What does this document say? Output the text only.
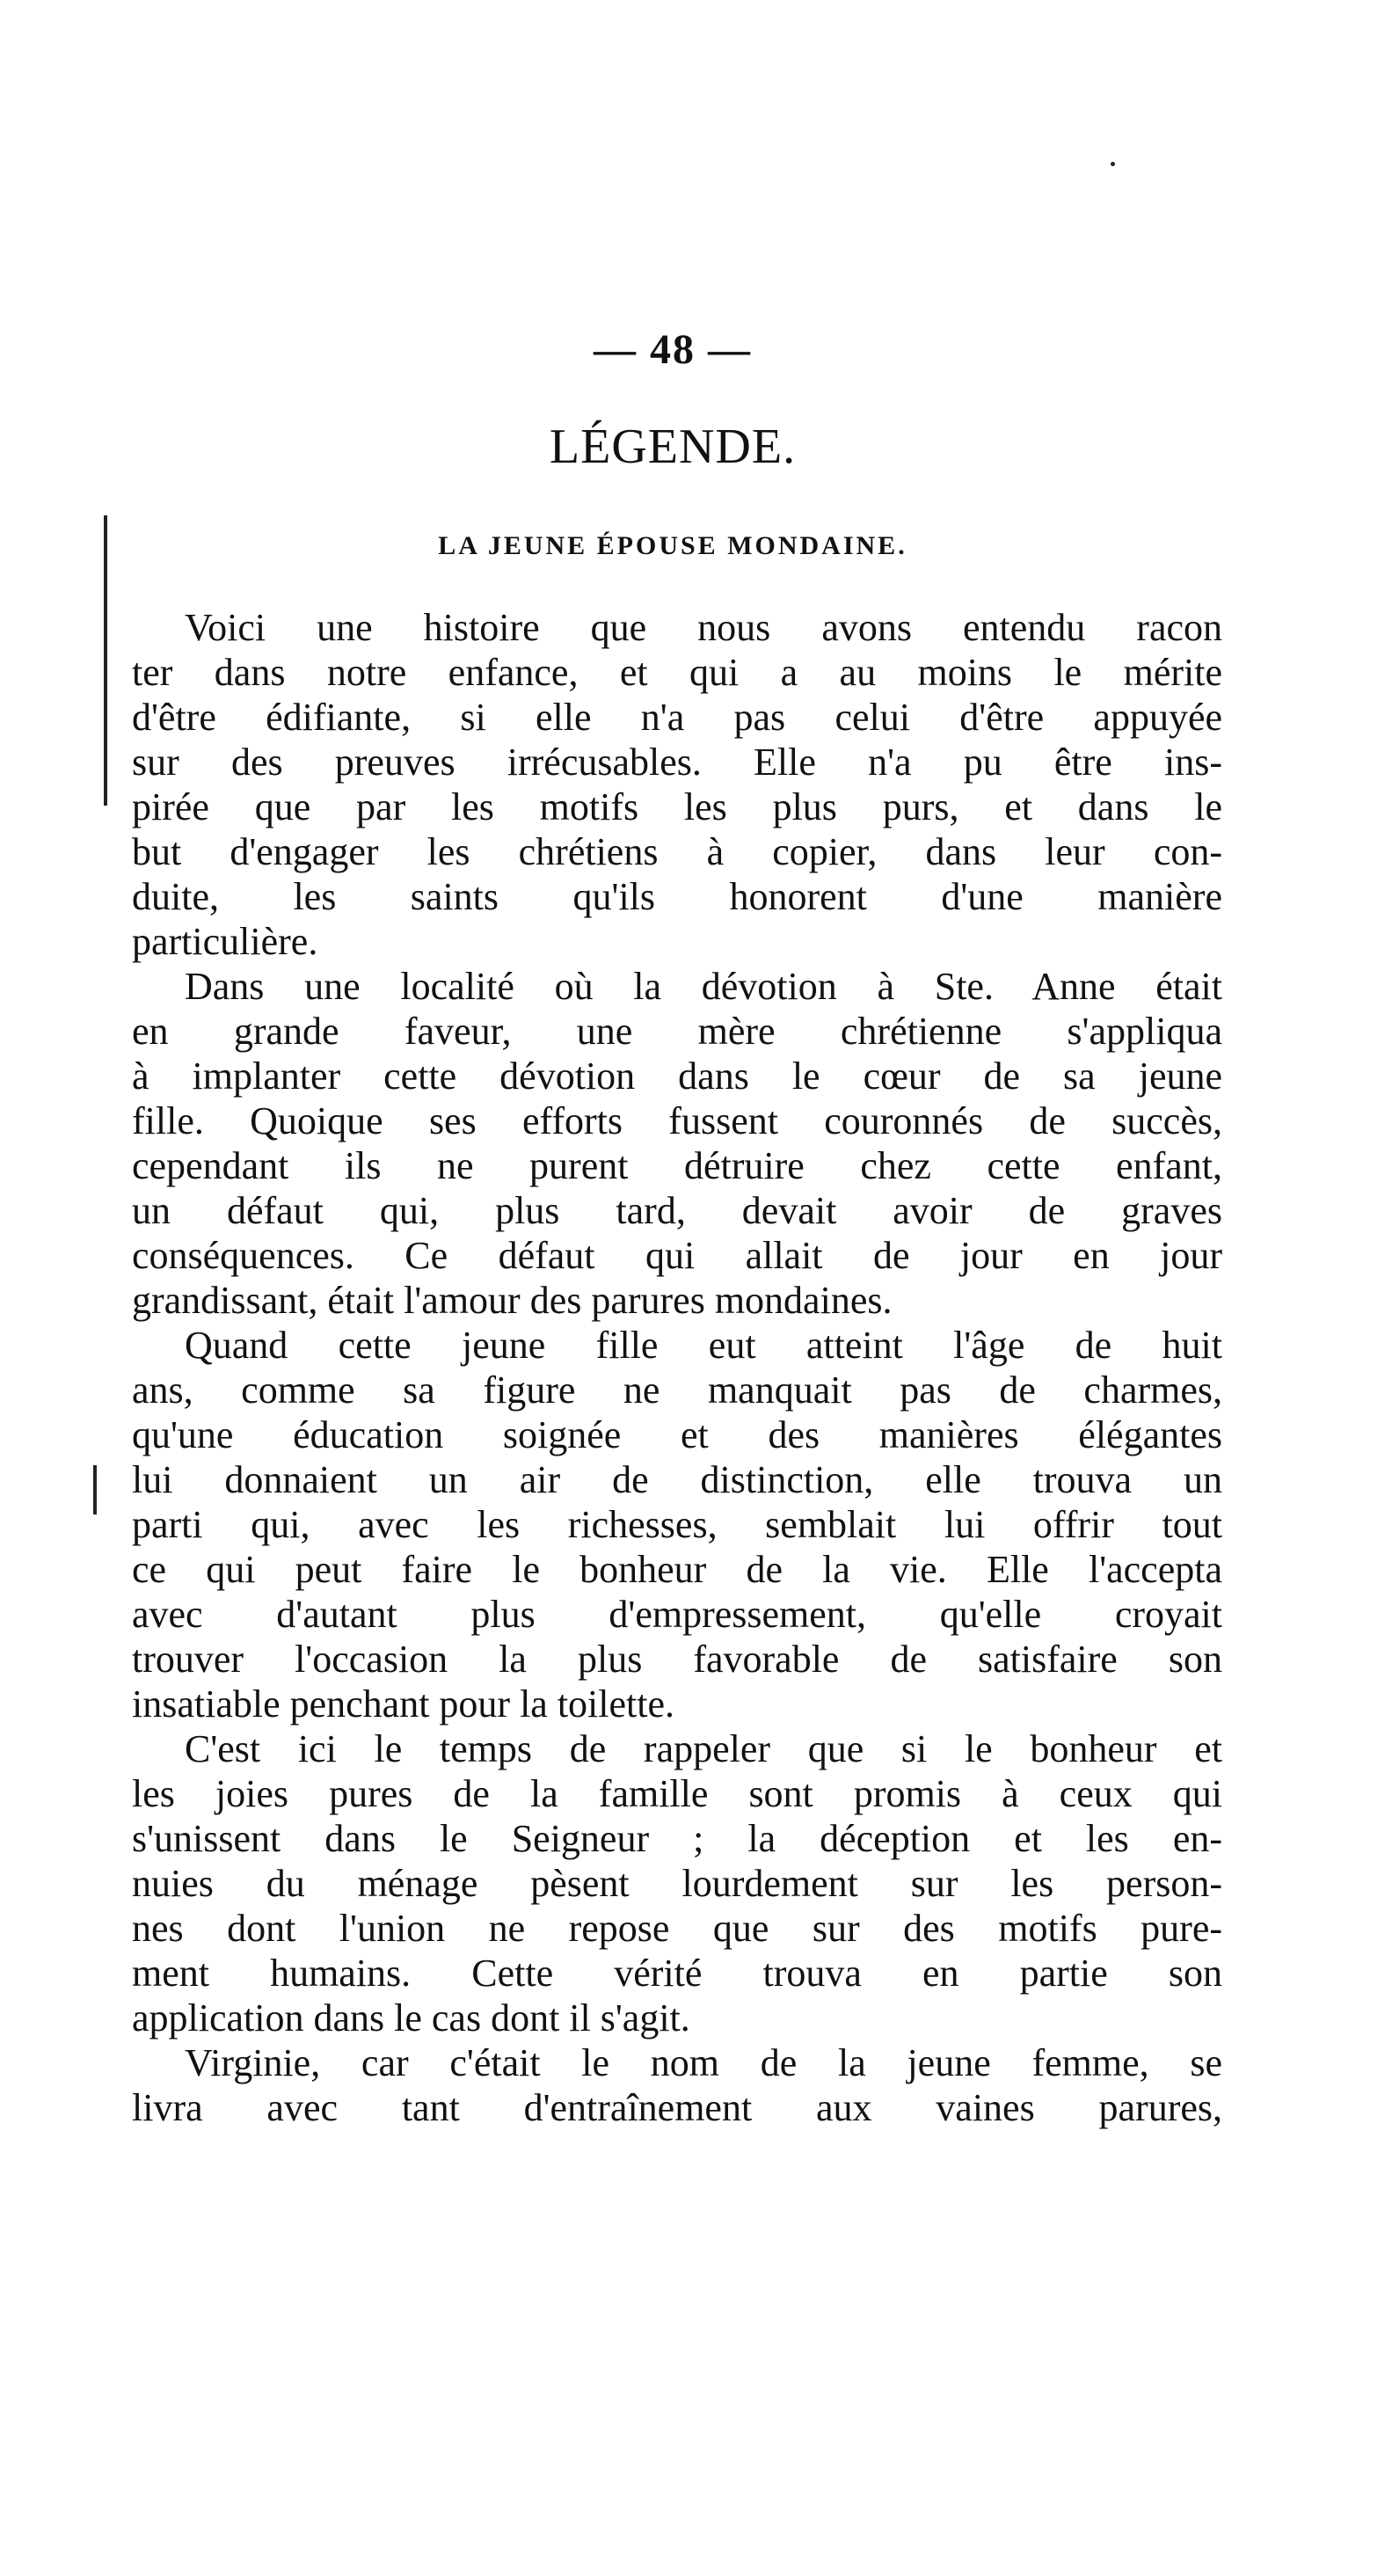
— 48 —
LÉGENDE.
LA JEUNE ÉPOUSE MONDAINE.
Voici une histoire que nous avons entendu racon
ter dans notre enfance, et qui a au moins le mérite
d'être édifiante, si elle n'a pas celui d'être appuyée
sur des preuves irrécusables. Elle n'a pu être ins-
pirée que par les motifs les plus purs, et dans le
but d'engager les chrétiens à copier, dans leur con-
duite, les saints qu'ils honorent d'une manière
particulière.
Dans une localité où la dévotion à Ste. Anne était
en grande faveur, une mère chrétienne s'appliqua
à implanter cette dévotion dans le cœur de sa jeune
fille. Quoique ses efforts fussent couronnés de succès,
cependant ils ne purent détruire chez cette enfant,
un défaut qui, plus tard, devait avoir de graves
conséquences. Ce défaut qui allait de jour en jour
grandissant, était l'amour des parures mondaines.
Quand cette jeune fille eut atteint l'âge de huit
ans, comme sa figure ne manquait pas de charmes,
qu'une éducation soignée et des manières élégantes
lui donnaient un air de distinction, elle trouva un
parti qui, avec les richesses, semblait lui offrir tout
ce qui peut faire le bonheur de la vie. Elle l'accepta
avec d'autant plus d'empressement, qu'elle croyait
trouver l'occasion la plus favorable de satisfaire son
insatiable penchant pour la toilette.
C'est ici le temps de rappeler que si le bonheur et
les joies pures de la famille sont promis à ceux qui
s'unissent dans le Seigneur ; la déception et les en-
nuies du ménage pèsent lourdement sur les person-
nes dont l'union ne repose que sur des motifs pure-
ment humains. Cette vérité trouva en partie son
application dans le cas dont il s'agit.
Virginie, car c'était le nom de la jeune femme, se
livra avec tant d'entraînement aux vaines parures,
